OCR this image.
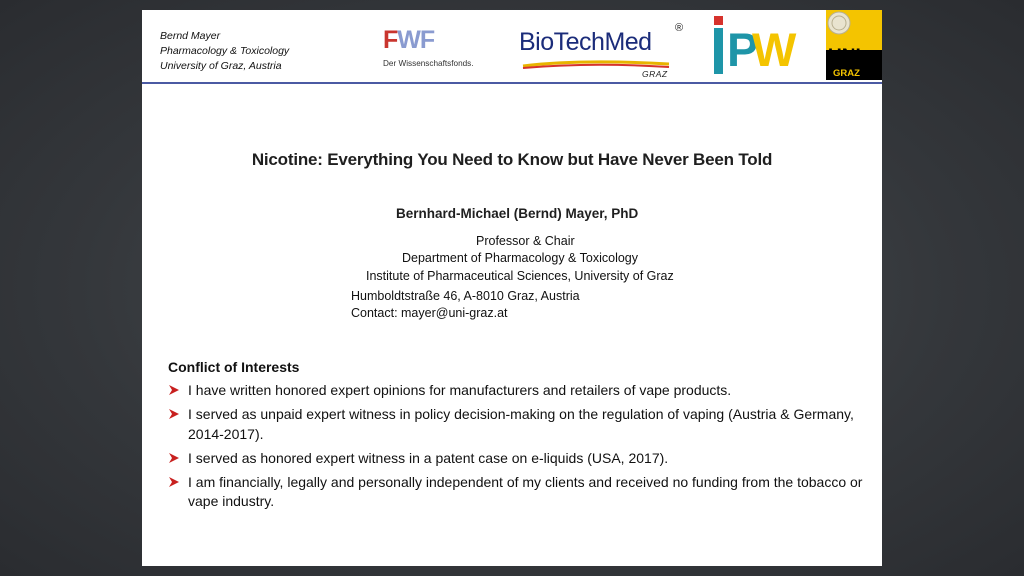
Bernd Mayer
Pharmacology & Toxicology
University of Graz, Austria
FWF
Der Wissenschaftsfonds.
BioTechMed	®
GRAZ P
W UNI
GRAZ
Nicotine: Everything You Need to Know but Have Never Been Told
Bernhard-Michael (Bernd) Mayer, PhD
Professor & Chair
Department of Pharmacology & Toxicology
Institute of Pharmaceutical Sciences, University of Graz
Humboldtstraße 46, A-8010 Graz, Austria
Contact: mayer@uni-graz.at
Conflict of Interests
I have written honored expert opinions for manufacturers and retailers of vape products.
I served as unpaid expert witness in policy decision-making on the regulation of vaping (Austria & Germany, 2014-2017).
I served as honored expert witness in a patent case on e-liquids (USA, 2017).
I am financially, legally and personally independent of my clients and received no funding from the tobacco or vape industry.
